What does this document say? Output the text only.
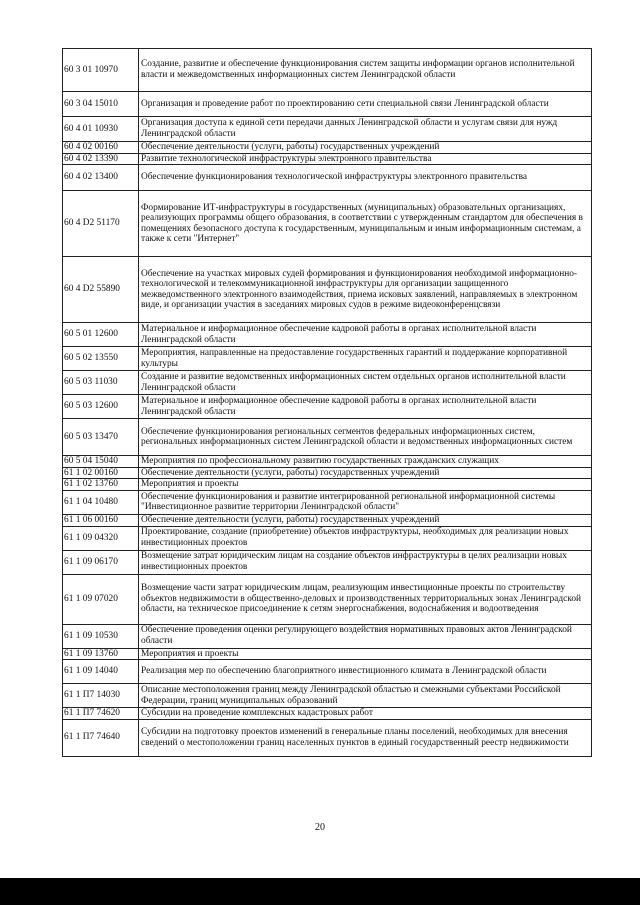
60 3 01 10970	Создание, развитие и обеспечение функционирования систем защиты информации органов исполнительной власти и межведомственных информационных систем Ленинградской области
60 3 04 15010	Организация и проведение работ по проектированию сети специальной связи Ленинградской области
60 4 01 10930	Организация доступа к единой сети передачи данных Ленинградской области и услугам связи для нужд Ленинградской области
60 4 02 00160	Обеспечение деятельности (услуги, работы) государственных учреждений
60 4 02 13390	Развитие технологической инфраструктуры электронного правительства
60 4 02 13400	Обеспечение функционирования технологической инфраструктуры электронного правительства
60 4 D2 51170	Формирование ИТ-инфраструктуры в государственных (муниципальных) образовательных организациях, реализующих программы общего образования, в соответствии с утвержденным стандартом для обеспечения в помещениях безопасного доступа к государственным, муниципальным и иным информационным системам, а также к сети "Интернет"
60 4 D2 55890	Обеспечение на участках мировых судей формирования и функционирования необходимой информационно-технологической и телекоммуникационной инфраструктуры для организации защищенного межведомственного электронного взаимодействия, приема исковых заявлений, направляемых в электронном виде, и организации участия в заседаниях мировых судов в режиме видеоконференцсвязи
60 5 01 12600	Материальное и информационное обеспечение кадровой работы в органах исполнительной власти Ленинградской области
60 5 02 13550	Мероприятия, направленные на предоставление государственных гарантий и поддержание корпоративной культуры
60 5 03 11030	Создание и развитие ведомственных информационных систем отдельных органов исполнительной власти Ленинградской области
60 5 03 12600	Материальное и информационное обеспечение кадровой работы в органах исполнительной власти Ленинградской области
60 5 03 13470	Обеспечение функционирования региональных сегментов федеральных информационных систем, региональных информационных систем Ленинградской области и ведомственных информационных систем
60 5 04 15040	Мероприятия по профессиональному развитию государственных гражданских служащих
61 1 02 00160	Обеспечение деятельности (услуги, работы) государственных учреждений
61 1 02 13760	Мероприятия и проекты
61 1 04 10480	Обеспечение функционирования и развитие интегрированной региональной информационной системы "Инвестиционное развитие территории Ленинградской области"
61 1 06 00160	Обеспечение деятельности (услуги, работы) государственных учреждений
61 1 09 04320	Проектирование, создание (приобретение) объектов инфраструктуры, необходимых для реализации новых инвестиционных проектов
61 1 09 06170	Возмещение затрат юридическим лицам на создание объектов инфраструктуры в целях реализации новых инвестиционных проектов
61 1 09 07020	Возмещение части затрат юридическим лицам, реализующим инвестиционные проекты по строительству объектов недвижимости в общественно-деловых и производственных территориальных зонах Ленинградской области, на техническое присоединение к сетям энергоснабжения, водоснабжения и водоотведения
61 1 09 10530	Обеспечение проведения оценки регулирующего воздействия нормативных правовых актов Ленинградской области
61 1 09 13760	Мероприятия и проекты
61 1 09 14040	Реализация мер по обеспечению благоприятного инвестиционного климата в Ленинградской области
61 1 П7 14030	Описание местоположения границ между Ленинградской областью и смежными субъектами Российской Федерации, границ муниципальных образований
61 1 П7 74620	Субсидии на проведение комплексных кадастровых работ
61 1 П7 74640	Субсидии на подготовку проектов изменений в генеральные планы поселений, необходимых для внесения сведений о местоположении границ населенных пунктов в единый государственный реестр недвижимости
20
